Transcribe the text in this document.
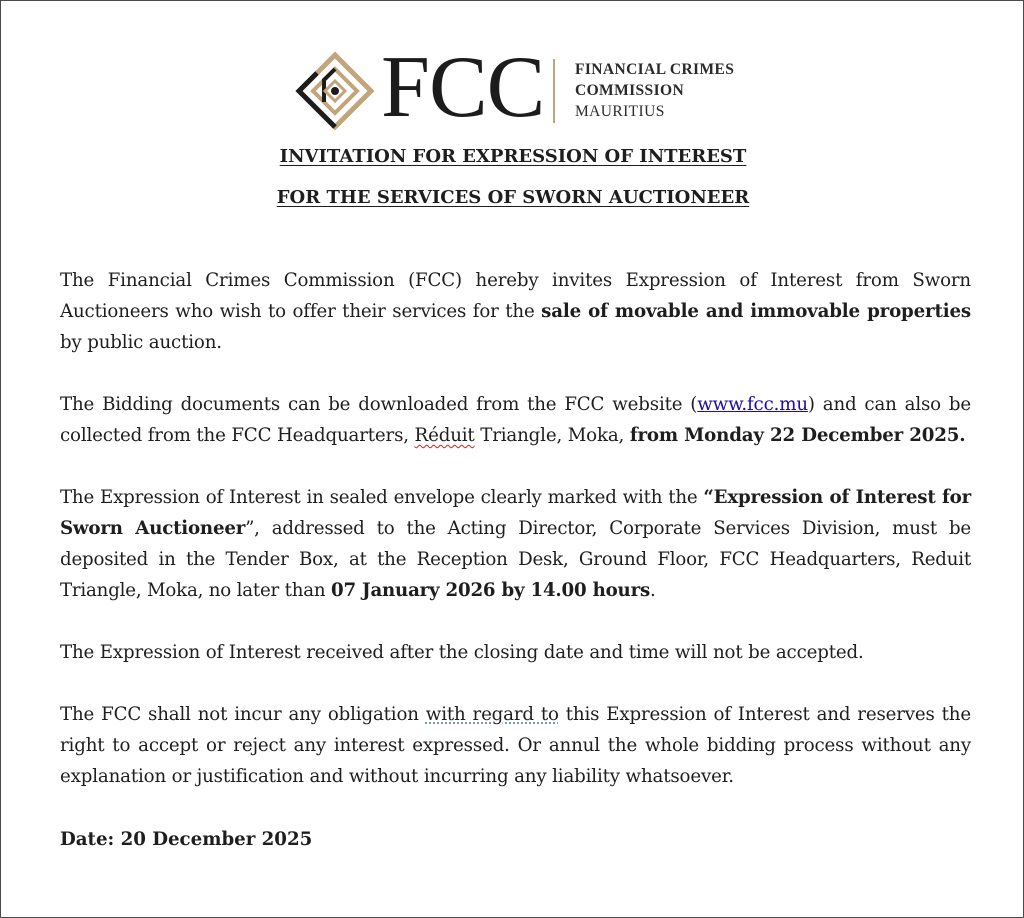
FCC FINANCIAL CRIMES
COMMISSION
MAURITIUS
INVITATION FOR EXPRESSION OF INTEREST
FOR THE SERVICES OF SWORN AUCTIONEER

The Financial Crimes Commission (FCC) hereby invites Expression of Interest from Sworn Auctioneers who wish to offer their services for the sale of movable and immovable properties by public auction.

The Bidding documents can be downloaded from the FCC website (www.fcc.mu) and can also be collected from the FCC Headquarters, Réduit Triangle, Moka, from Monday 22 December 2025.

The Expression of Interest in sealed envelope clearly marked with the “Expression of Interest for Sworn Auctioneer”, addressed to the Acting Director, Corporate Services Division, must be deposited in the Tender Box, at the Reception Desk, Ground Floor, FCC Headquarters, Reduit Triangle, Moka, no later than 07 January 2026 by 14.00 hours.

The Expression of Interest received after the closing date and time will not be accepted.

The FCC shall not incur any obligation with regard to this Expression of Interest and reserves the right to accept or reject any interest expressed. Or annul the whole bidding process without any explanation or justification and without incurring any liability whatsoever.

Date: 20 December 2025
